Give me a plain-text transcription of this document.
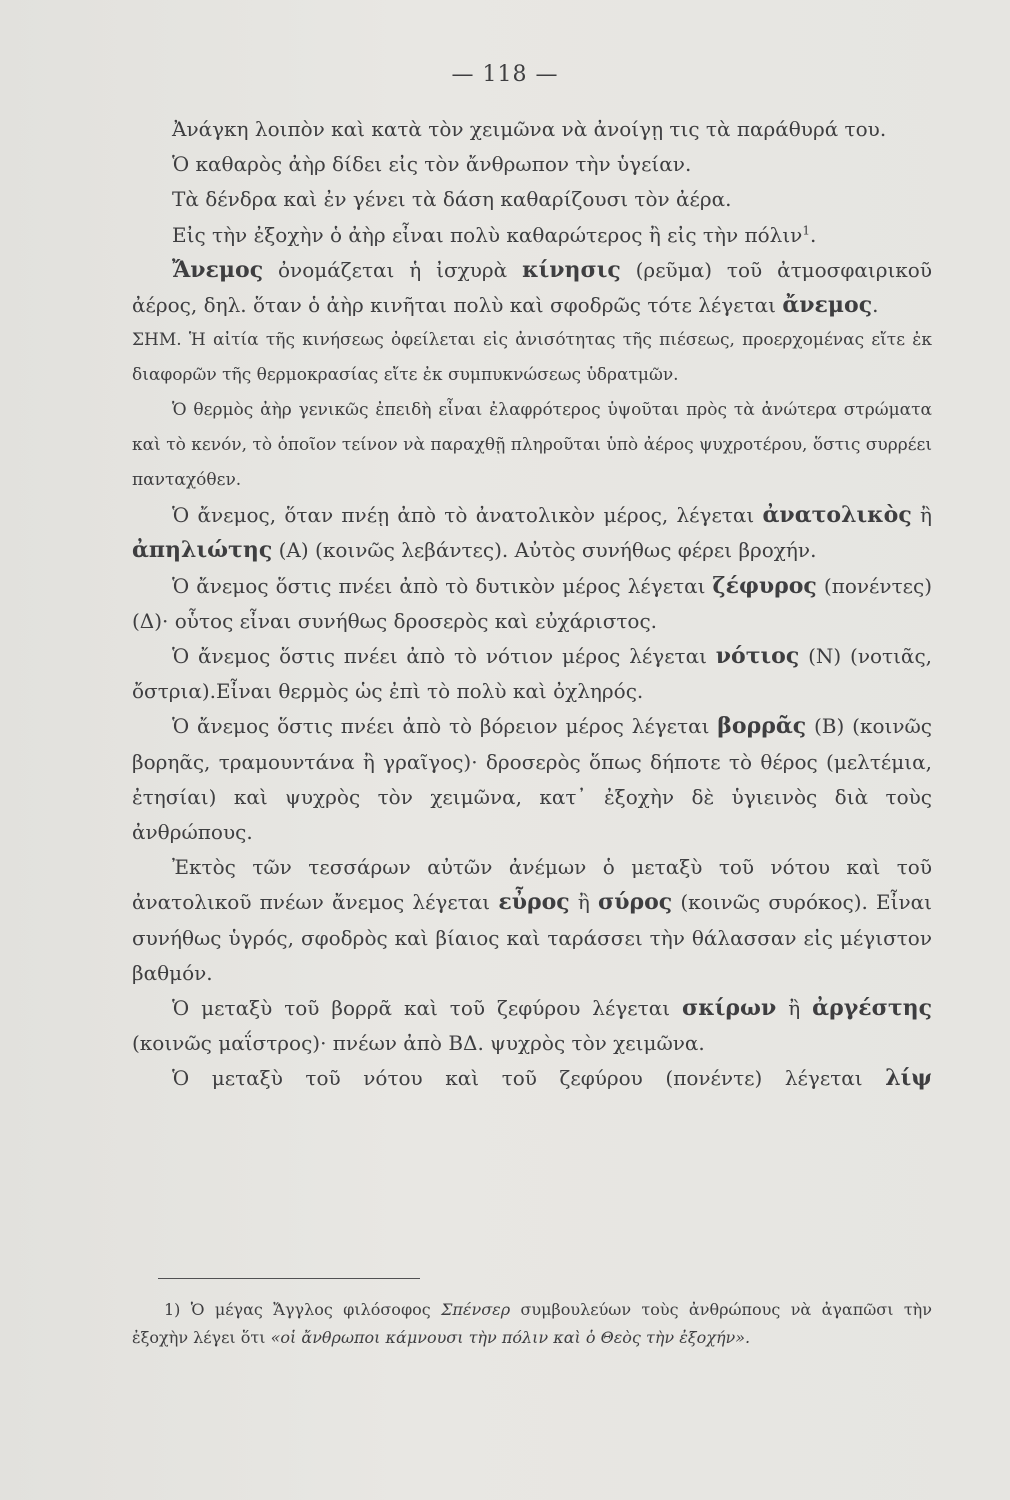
— 118 —

Ἀνάγκη λοιπὸν καὶ κατὰ τὸν χειμῶνα νὰ ἀνοίγῃ τις τὰ παράθυρά του.

Ὁ καθαρὸς ἀὴρ δίδει εἰς τὸν ἄνθρωπον τὴν ὑγείαν.

Τὰ δένδρα καὶ ἐν γένει τὰ δάση καθαρίζουσι τὸν ἀέρα.

Εἰς τὴν ἐξοχὴν ὁ ἀὴρ εἶναι πολὺ καθαρώτερος ἢ εἰς τὴν πόλιν$^1$.

Ἄνεμος ὀνομάζεται ἡ ἰσχυρὰ κίνησις (ρεῦμα) τοῦ ἀτμοσφαιρικοῦ ἀέρος, δηλ. ὅταν ὁ ἀὴρ κινῆται πολὺ καὶ σφοδρῶς τότε λέγεται ἄνεμος.

ΣΗΜ. Ἡ αἰτία τῆς κινήσεως ὀφείλεται εἰς ἀνισότητας τῆς πιέσεως, προερχομένας εἴτε ἐκ διαφορῶν τῆς θερμοκρασίας εἴτε ἐκ συμπυκνώσεως ὑδρατμῶν.

Ὁ θερμὸς ἀὴρ γενικῶς ἐπειδὴ εἶναι ἐλαφρότερος ὑψοῦται πρὸς τὰ ἀνώτερα στρώματα καὶ τὸ κενόν, τὸ ὁποῖον τείνον νὰ παραχθῇ πληροῦται ὑπὸ ἀέρος ψυχροτέρου, ὅστις συρρέει πανταχόθεν.

Ὁ ἄνεμος, ὅταν πνέῃ ἀπὸ τὸ ἀνατολικὸν μέρος, λέγεται ἀνατολικὸς ἢ ἀπηλιώτης (Α) (κοινῶς λεβάντες). Αὐτὸς συνήθως φέρει βροχήν.

Ὁ ἄνεμος ὅστις πνέει ἀπὸ τὸ δυτικὸν μέρος λέγεται ζέφυρος (πονέντες) (Δ)· οὗτος εἶναι συνήθως δροσερὸς καὶ εὐχάριστος.

Ὁ ἄνεμος ὅστις πνέει ἀπὸ τὸ νότιον μέρος λέγεται νότιος (Ν) (νοτιᾶς, ὄστρια).Εἶναι θερμὸς ὡς ἐπὶ τὸ πολὺ καὶ ὀχληρός.

Ὁ ἄνεμος ὅστις πνέει ἀπὸ τὸ βόρειον μέρος λέγεται βορρᾶς (Β) (κοινῶς βορηᾶς, τραμουντάνα ἢ γραῖγος)· δροσερὸς ὅπως δήποτε τὸ θέρος (μελτέμια, ἐτησίαι) καὶ ψυχρὸς τὸν χειμῶνα, κατ᾽ ἐξοχὴν δὲ ὑγιεινὸς διὰ τοὺς ἀνθρώπους.

Ἐκτὸς τῶν τεσσάρων αὐτῶν ἀνέμων ὁ μεταξὺ τοῦ νότου καὶ τοῦ ἀνατολικοῦ πνέων ἄνεμος λέγεται εὖρος ἢ σύρος (κοινῶς συρόκος). Εἶναι συνήθως ὑγρός, σφοδρὸς καὶ βίαιος καὶ ταράσσει τὴν θάλασσαν εἰς μέγιστον βαθμόν.

Ὁ μεταξὺ τοῦ βορρᾶ καὶ τοῦ ζεφύρου λέγεται σκίρων ἢ ἀργέστης (κοινῶς μαΐστρος)· πνέων ἀπὸ ΒΔ. ψυχρὸς τὸν χειμῶνα.

Ὁ μεταξὺ τοῦ νότου καὶ τοῦ ζεφύρου (πονέντε) λέγεται λίψ

1) Ὁ μέγας Ἄγγλος φιλόσοφος Σπένσερ συμβουλεύων τοὺς ἀνθρώπους νὰ ἀγαπῶσι τὴν ἐξοχὴν λέγει ὅτι «οἱ ἄνθρωποι κάμνουσι τὴν πόλιν καὶ ὁ Θεὸς τὴν ἐξοχήν».
